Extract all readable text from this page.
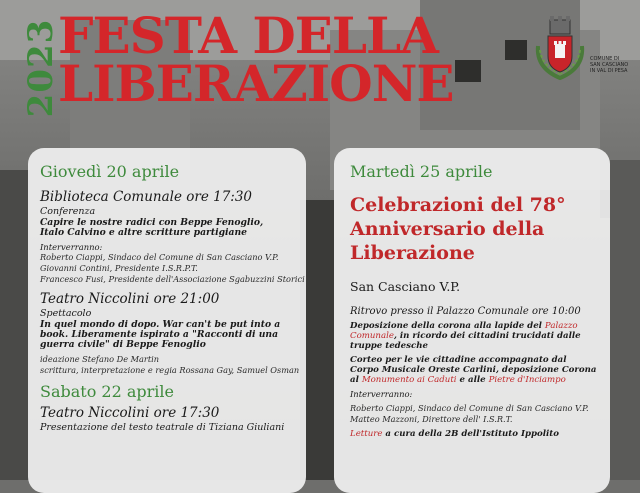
2023
FESTA DELLA
LIBERAZIONE	COMUNE DI
SAN CASCIANO
IN VAL DI PESA

Giovedì 20 aprile

Biblioteca Comunale ore 17:30

Conferenza

Capire le nostre radici con Beppe Fenoglio,
Italo Calvino e altre scritture partigiane

Interverranno:

Roberto Ciappi, Sindaco del Comune di San Casciano V.P.

Giovanni Contini, Presidente I.S.R.P.T.

Francesco Fusi, Presidente dell'Associazione Sgabuzzini Storici

Teatro Niccolini ore 21:00

Spettacolo

In quel mondo di dopo. War can't be put into a
book. Liberamente ispirato a "Racconti di una
guerra civile" di Beppe Fenoglio

ideazione Stefano De Martin

scrittura, interpretazione e regia Rossana Gay, Samuel Osman

Sabato 22 aprile

Teatro Niccolini ore 17:30

Presentazione del testo teatrale di Tiziana Giuliani

Martedì 25 aprile

Celebrazioni del 78°
Anniversario della
Liberazione

San Casciano V.P.

Ritrovo presso il Palazzo Comunale ore 10:00

Deposizione della corona alla lapide del Palazzo Comunale, in ricordo dei cittadini trucidati dalle truppe tedesche

Corteo per le vie cittadine accompagnato dal Corpo Musicale Oreste Carlini, deposizione Corona al Monumento ai Caduti e alle Pietre d'Inciampo

Interverranno:

Roberto Ciappi, Sindaco del Comune di San Casciano V.P.

Matteo Mazzoni, Direttore dell' I.S.R.T.

Letture a cura della 2B dell'Istituto Ippolito
